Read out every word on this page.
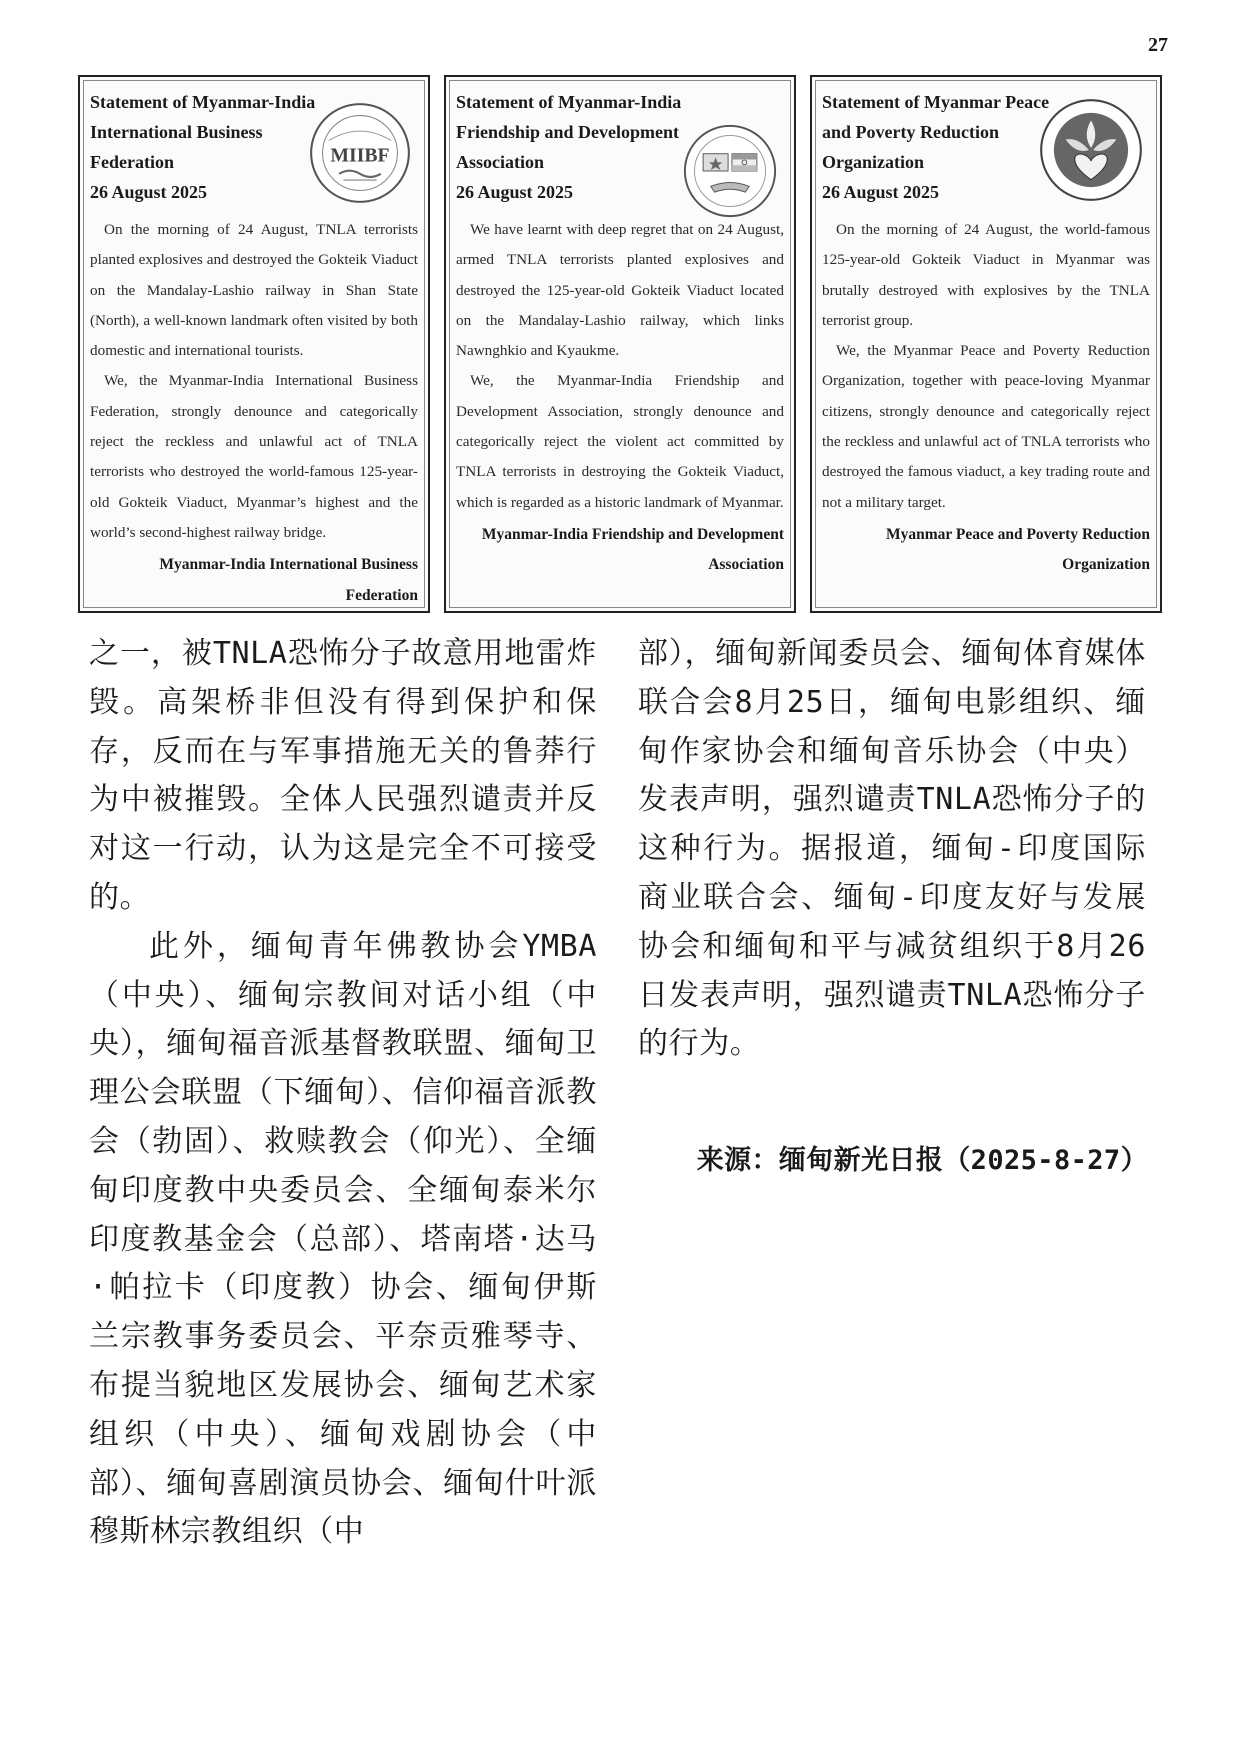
27

Statement of Myanmar-India International Business Federation

26 August 2025

MIIBF

On the morning of 24 August, TNLA terrorists planted explosives and destroyed the Gokteik Viaduct on the Mandalay-Lashio railway in Shan State (North), a well-known landmark often visited by both domestic and international tourists.

We, the Myanmar-India International Business Federation, strongly denounce and categorically reject the reckless and unlawful act of TNLA terrorists who destroyed the world-famous 125-year-old Gokteik Viaduct, Myanmar’s highest and the world’s second-highest railway bridge.

Myanmar-India International Business Federation

Statement of Myanmar-India Friendship and Development Association

26 August 2025

We have learnt with deep regret that on 24 August, armed TNLA terrorists planted explosives and destroyed the 125-year-old Gokteik Viaduct located on the Mandalay-Lashio railway, which links Nawnghkio and Kyaukme.

We, the Myanmar-India Friendship and Development Association, strongly denounce and categorically reject the violent act committed by TNLA terrorists in destroying the Gokteik Viaduct, which is regarded as a historic landmark of Myanmar.

Myanmar-India Friendship and Development Association

Statement of Myanmar Peace and Poverty Reduction Organization

26 August 2025

On the morning of 24 August, the world-famous 125-year-old Gokteik Viaduct in Myanmar was brutally destroyed with explosives by the TNLA terrorist group.

We, the Myanmar Peace and Poverty Reduction Organization, together with peace-loving Myanmar citizens, strongly denounce and categorically reject the reckless and unlawful act of TNLA terrorists who destroyed the famous viaduct, a key trading route and not a military target.

Myanmar Peace and Poverty Reduction Organization

之一，被TNLA恐怖分子故意用地雷炸毁。高架桥非但没有得到保护和保存，反而在与军事措施无关的鲁莽行为中被摧毁。全体人民强烈谴责并反对这一行动，认为这是完全不可接受的。

此外，缅甸青年佛教协会YMBA（中央）、缅甸宗教间对话小组（中央），缅甸福音派基督教联盟、缅甸卫理公会联盟（下缅甸）、信仰福音派教会（勃固）、救赎教会（仰光）、全缅甸印度教中央委员会、全缅甸泰米尔印度教基金会（总部）、塔南塔·达马·帕拉卡（印度教）协会、缅甸伊斯兰宗教事务委员会、平奈贡雅琴寺、布提当貌地区发展协会、缅甸艺术家组织（中央）、缅甸戏剧协会（中部）、缅甸喜剧演员协会、缅甸什叶派穆斯林宗教组织（中

部），缅甸新闻委员会、缅甸体育媒体联合会8月25日，缅甸电影组织、缅甸作家协会和缅甸音乐协会（中央）发表声明，强烈谴责TNLA恐怖分子的这种行为。据报道，缅甸-印度国际商业联合会、缅甸-印度友好与发展协会和缅甸和平与减贫组织于8月26日发表声明，强烈谴责TNLA恐怖分子的行为。

来源：缅甸新光日报（2025-8-27）
